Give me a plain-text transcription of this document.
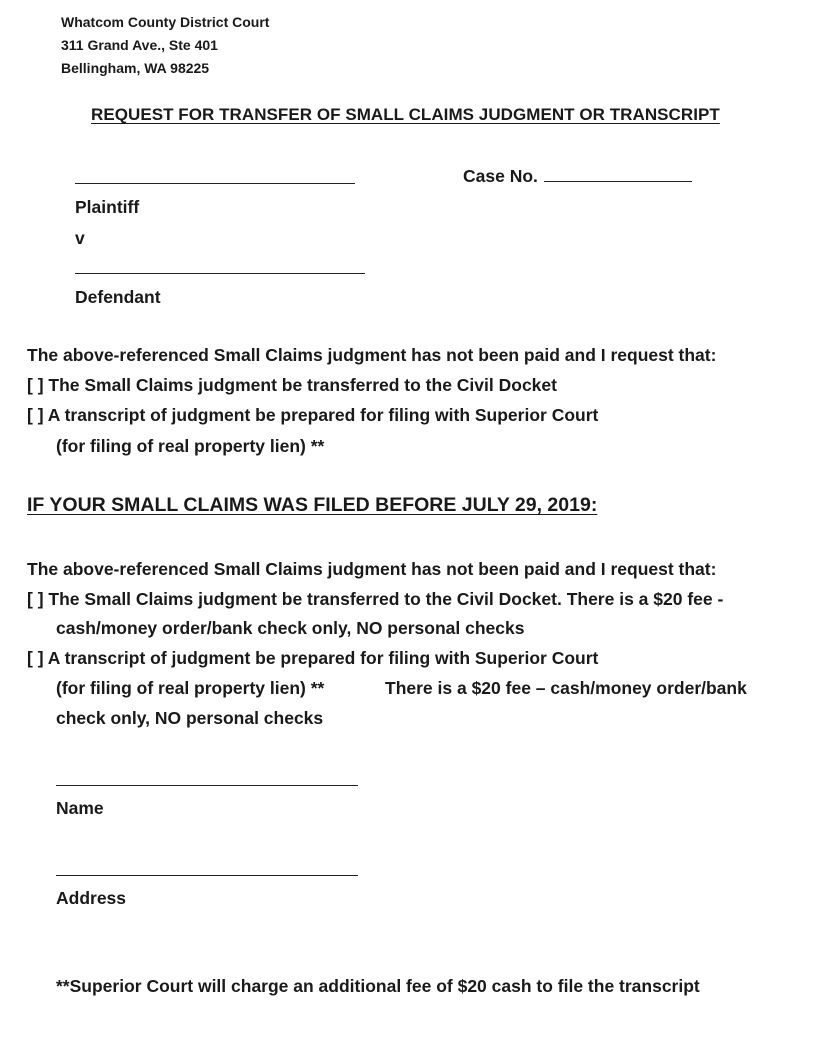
Whatcom County District Court
311 Grand Ave., Ste 401
Bellingham, WA 98225
REQUEST FOR TRANSFER OF SMALL CLAIMS JUDGMENT OR TRANSCRIPT
Case No.
Plaintiff
v
Defendant
The above-referenced Small Claims judgment has not been paid and I request that:
[ ] The Small Claims judgment be transferred to the Civil Docket
[ ] A transcript of judgment be prepared for filing with Superior Court
(for filing of real property lien) **
IF YOUR SMALL CLAIMS WAS FILED BEFORE JULY 29, 2019:
The above-referenced Small Claims judgment has not been paid and I request that:
[ ] The Small Claims judgment be transferred to the Civil Docket. There is a $20 fee -
cash/money order/bank check only, NO personal checks
[ ] A transcript of judgment be prepared for filing with Superior Court
(for filing of real property lien) **	There is a $20 fee – cash/money order/bank
check only, NO personal checks
Name
Address
**Superior Court will charge an additional fee of $20 cash to file the transcript
